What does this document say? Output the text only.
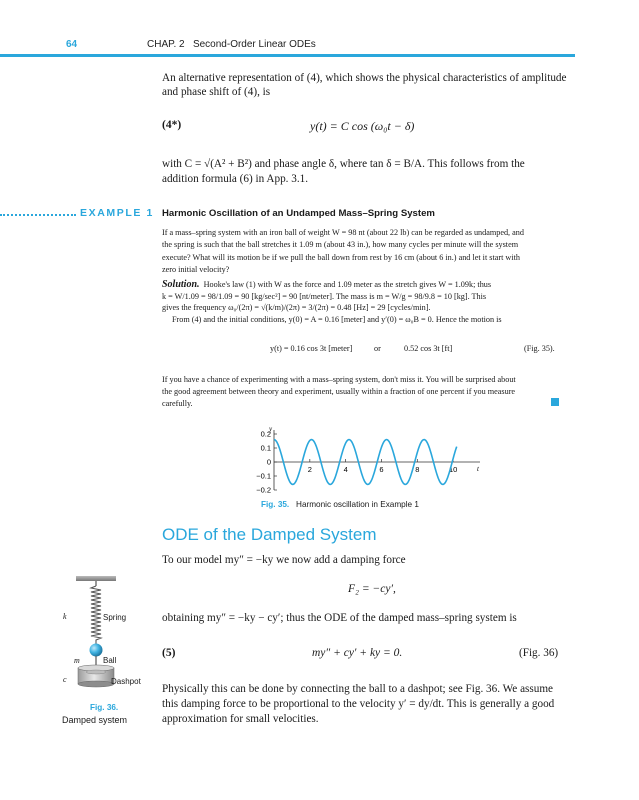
64	CHAP. 2   Second-Order Linear ODEs

An alternative representation of (4), which shows the physical characteristics of amplitude

and phase shift of (4), is

(4*)	y(t) = C cos (ω₀t − δ)

with C = √(A² + B²) and phase angle δ, where tan δ = B/A. This follows from the

addition formula (6) in App. 3.1.

EXAMPLE 1 Harmonic Oscillation of an Undamped Mass–Spring System
If a mass–spring system with an iron ball of weight W = 98 nt (about 22 lb) can be regarded as undamped, and
the spring is such that the ball stretches it 1.09 m (about 43 in.), how many cycles per minute will the system
execute? What will its motion be if we pull the ball down from rest by 16 cm (about 6 in.) and let it start with
zero initial velocity?
Solution. Hooke's law (1) with W as the force and 1.09 meter as the stretch gives W = 1.09k; thus
k = W/1.09 = 98/1.09 = 90 [kg/sec²] = 90 [nt/meter]. The mass is m = W/g = 98/9.8 = 10 [kg]. This
gives the frequency ω₀/(2π) = √(k/m)/(2π) = 3/(2π) = 0.48 [Hz] = 29 [cycles/min].
From (4) and the initial conditions, y(0) = A = 0.16 [meter] and y′(0) = ω₀B = 0. Hence the motion is
y(t) = 0.16 cos 3t [meter]	or	0.52 cos 3t [ft]	(Fig. 35).
If you have a chance of experimenting with a mass–spring system, don't miss it. You will be surprised about
the good agreement between theory and experiment, usually within a fraction of one percent if you measure
carefully.
y
t
0.2
0.1
0
−0.1
−0.2
2	4	6	8	10
Fig. 35. Harmonic oscillation in Example 1
ODE of the Damped System

To our model my″ = −ky we now add a damping force

F₂ = −cy′,

obtaining my″ = −ky − cy′; thus the ODE of the damped mass–spring system is

(5)	my″ + cy′ + ky = 0.	(Fig. 36)
Physically this can be done by connecting the ball to a dashpot; see Fig. 36. We assume
this damping force to be proportional to the velocity y′ = dy/dt. This is generally a good
approximation for small velocities.
k	Spring
m	Ball
c	Dashpot
Fig. 36.
Damped system
